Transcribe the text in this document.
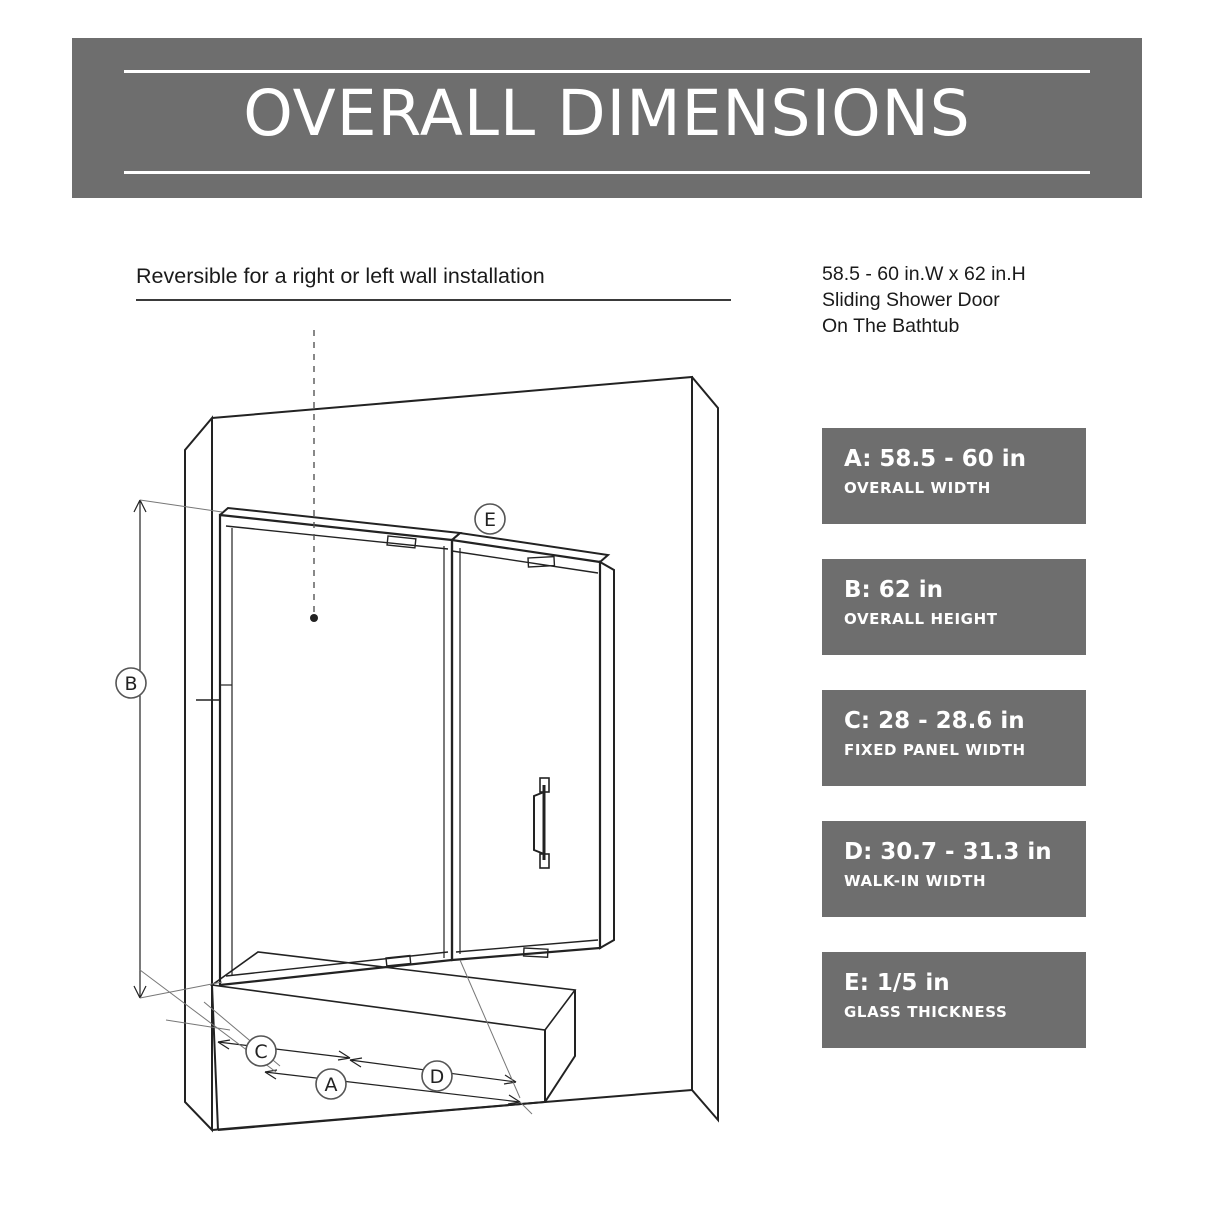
OVERALL DIMENSIONS
Reversible for a right or left wall installation	58.5 - 60 in.W x 62 in.H
Sliding Shower Door
On The Bathtub
A: 58.5 - 60 in
OVERALL WIDTH
B: 62 in
OVERALL HEIGHT
C: 28 - 28.6 in
FIXED PANEL WIDTH
D: 30.7 - 31.3 in
WALK-IN WIDTH
E: 1/5 in
GLASS THICKNESS
E
B
C
D
A
